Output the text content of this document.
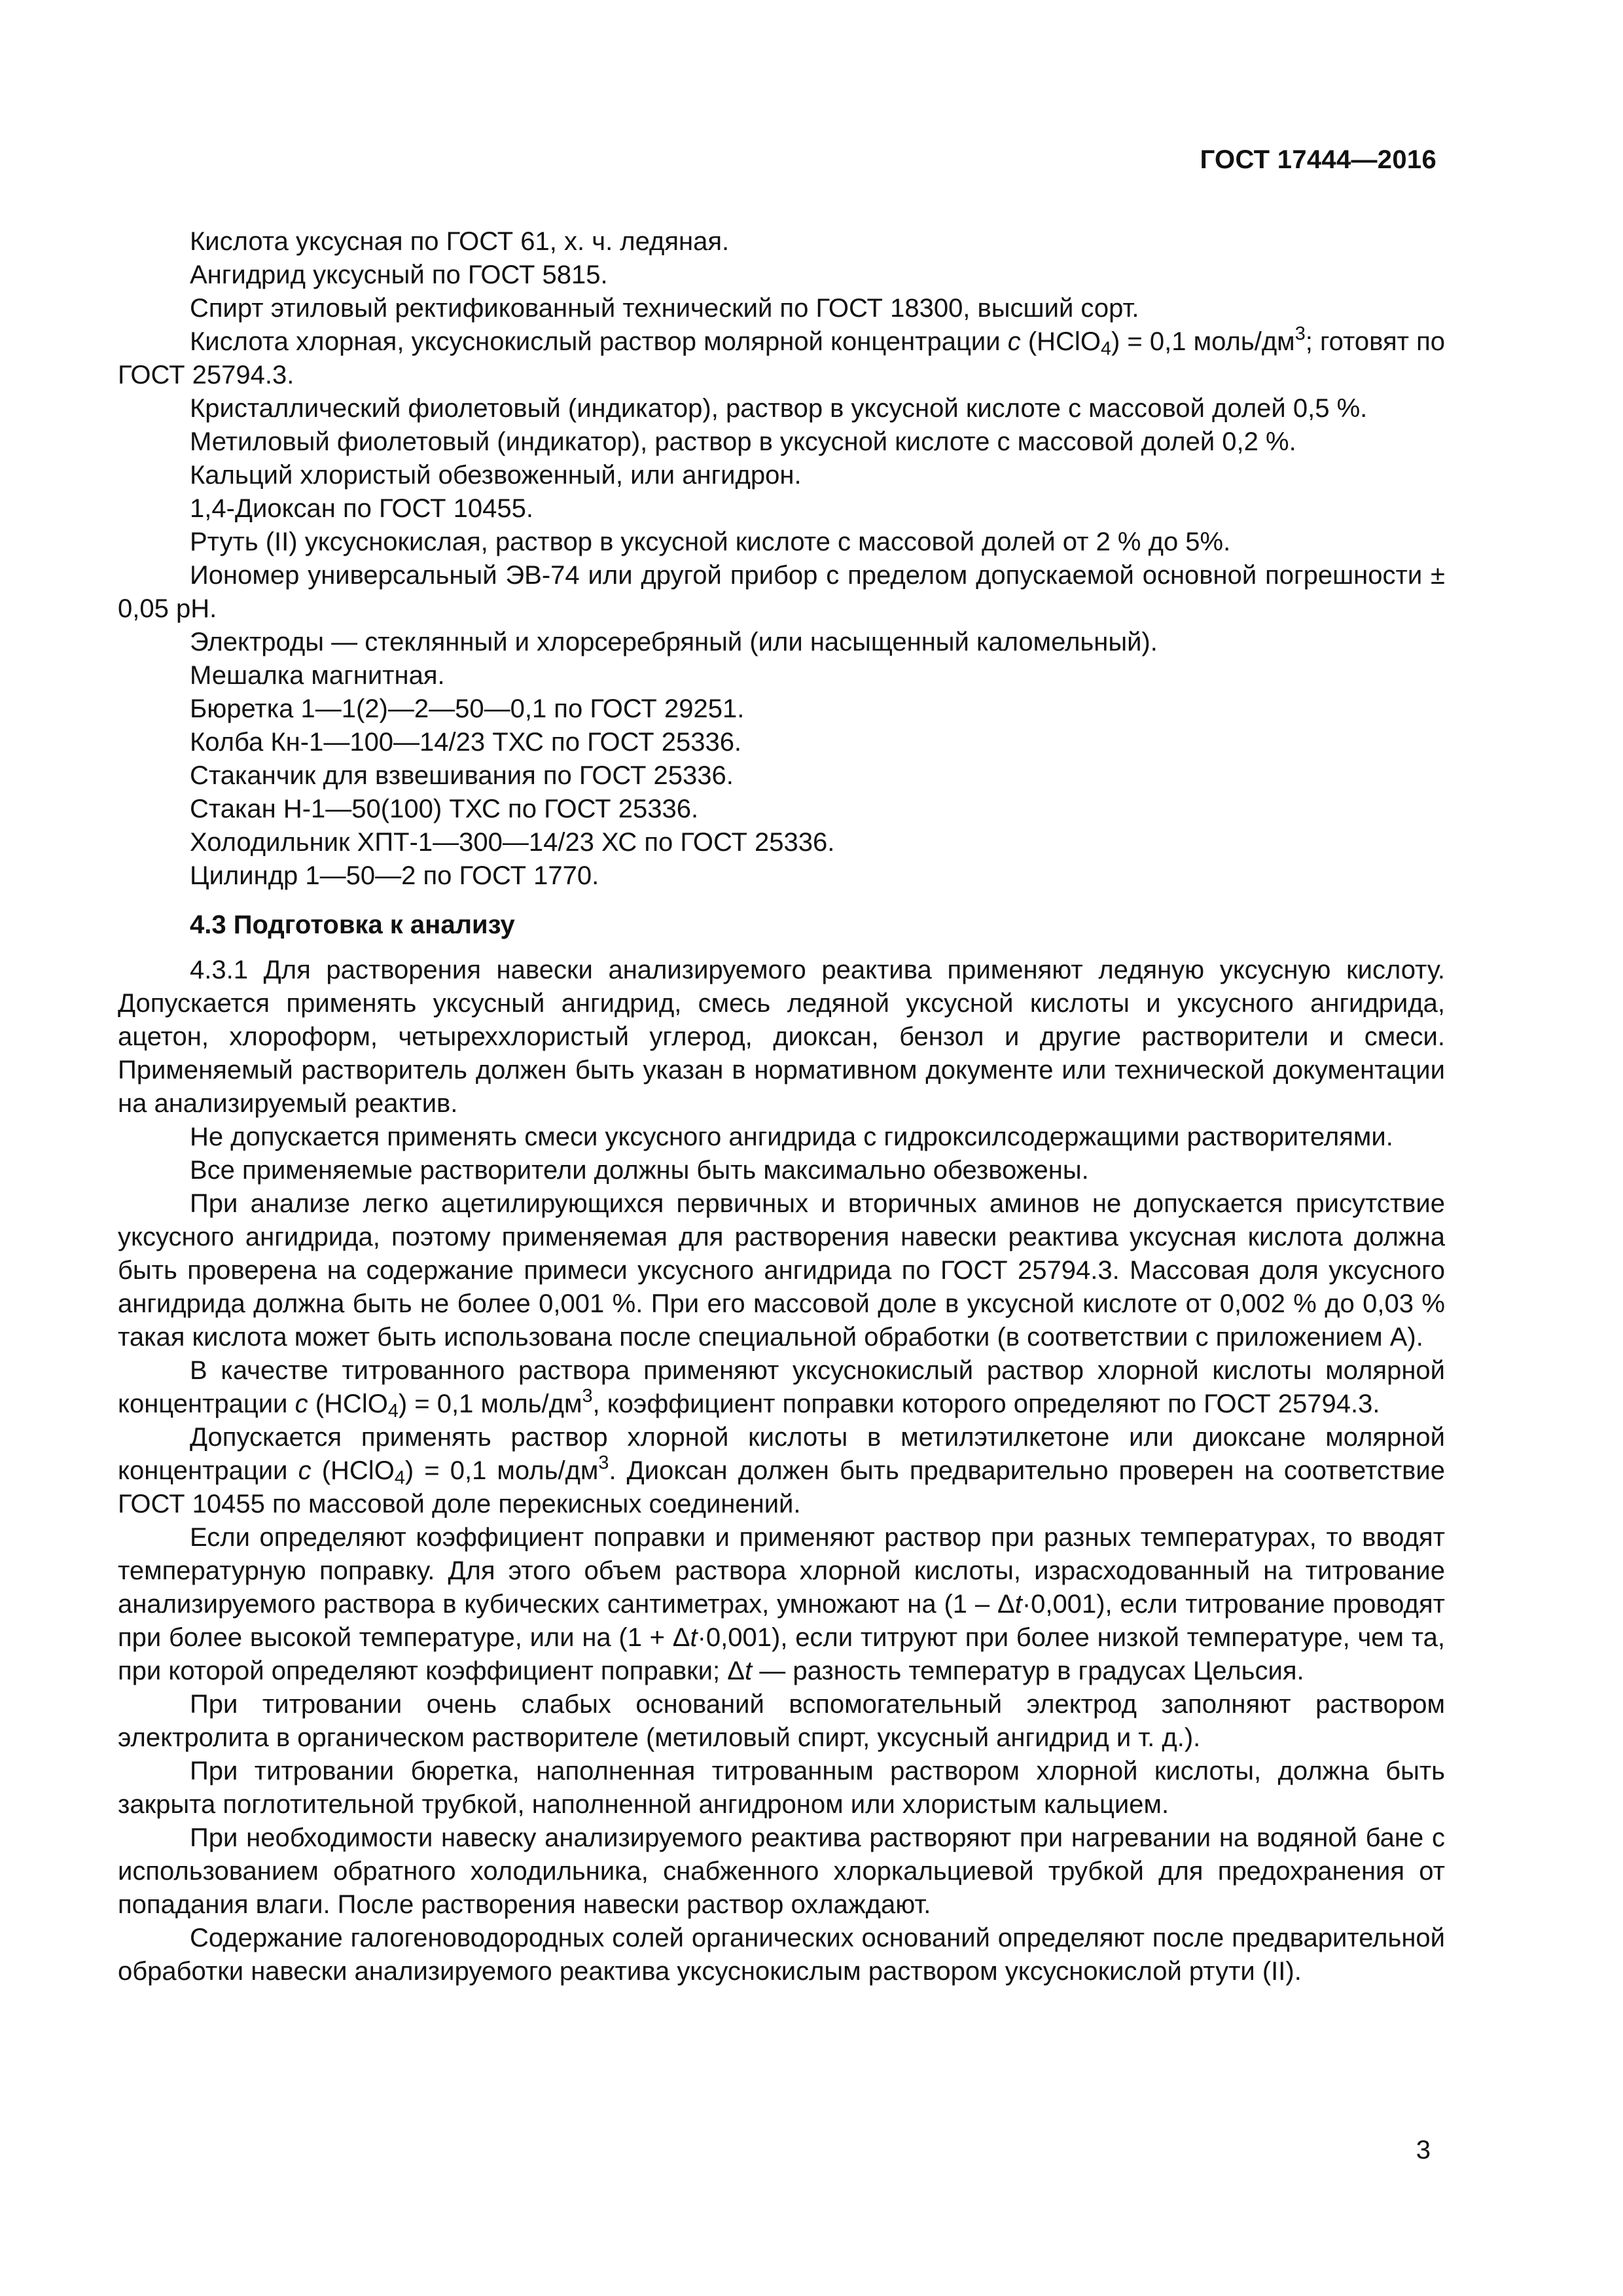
ГОСТ 17444—2016

Кислота уксусная по ГОСТ 61, х. ч. ледяная.

Ангидрид уксусный по ГОСТ 5815.

Спирт этиловый ректификованный технический по ГОСТ 18300, высший сорт.

Кислота хлорная, уксуснокислый раствор молярной концентрации c (HClO$_4$) = 0,1 моль/$дм^3$; готовят по ГОСТ 25794.3.

Кристаллический фиолетовый (индикатор), раствор в уксусной кислоте с массовой долей 0,5 %.

Метиловый фиолетовый (индикатор), раствор в уксусной кислоте с массовой долей 0,2 %.

Кальций хлористый обезвоженный, или ангидрон.

1,4-Диоксан по ГОСТ 10455.

Ртуть (II) уксуснокислая, раствор в уксусной кислоте с массовой долей от 2 % до 5%.

Иономер универсальный ЭВ-74 или другой прибор с пределом допускаемой основной погрешности ± 0,05 pH.

Электроды — стеклянный и хлорсеребряный (или насыщенный каломельный).

Мешалка магнитная.

Бюретка 1—1(2)—2—50—0,1 по ГОСТ 29251.

Колба Кн-1—100—14/23 ТХС по ГОСТ 25336.

Стаканчик для взвешивания по ГОСТ 25336.

Стакан Н-1—50(100) ТХС по ГОСТ 25336.

Холодильник ХПТ-1—300—14/23 ХС по ГОСТ 25336.

Цилиндр 1—50—2 по ГОСТ 1770.

4.3 Подготовка к анализу

4.3.1 Для растворения навески анализируемого реактива применяют ледяную уксусную кислоту. Допускается применять уксусный ангидрид, смесь ледяной уксусной кислоты и уксусного ангидрида, ацетон, хлороформ, четыреххлористый углерод, диоксан, бензол и другие растворители и смеси. Применяемый растворитель должен быть указан в нормативном документе или технической документации на анализируемый реактив.

Не допускается применять смеси уксусного ангидрида с гидроксилсодержащими растворителями.

Все применяемые растворители должны быть максимально обезвожены.

При анализе легко ацетилирующихся первичных и вторичных аминов не допускается присутствие уксусного ангидрида, поэтому применяемая для растворения навески реактива уксусная кислота должна быть проверена на содержание примеси уксусного ангидрида по ГОСТ 25794.3. Массовая доля уксусного ангидрида должна быть не более 0,001 %. При его массовой доле в уксусной кислоте от 0,002 % до 0,03 % такая кислота может быть использована после специальной обработки (в соответствии с приложением А).

В качестве титрованного раствора применяют уксуснокислый раствор хлорной кислоты молярной концентрации c (HClO$_4$) = 0,1 моль/$дм^3$, коэффициент поправки которого определяют по ГОСТ 25794.3.

Допускается применять раствор хлорной кислоты в метилэтилкетоне или диоксане молярной концентрации c (HClO$_4$) = 0,1 моль/$дм^3$. Диоксан должен быть предварительно проверен на соответствие ГОСТ 10455 по массовой доле перекисных соединений.

Если определяют коэффициент поправки и применяют раствор при разных температурах, то вводят температурную поправку. Для этого объем раствора хлорной кислоты, израсходованный на титрование анализируемого раствора в кубических сантиметрах, умножают на (1 – Δt·0,001), если титрование проводят при более высокой температуре, или на (1 + Δt·0,001), если титруют при более низкой температуре, чем та, при которой определяют коэффициент поправки; Δt — разность температур в градусах Цельсия.

При титровании очень слабых оснований вспомогательный электрод заполняют раствором электролита в органическом растворителе (метиловый спирт, уксусный ангидрид и т. д.).

При титровании бюретка, наполненная титрованным раствором хлорной кислоты, должна быть закрыта поглотительной трубкой, наполненной ангидроном или хлористым кальцием.

При необходимости навеску анализируемого реактива растворяют при нагревании на водяной бане с использованием обратного холодильника, снабженного хлоркальциевой трубкой для предохранения от попадания влаги. После растворения навески раствор охлаждают.

Содержание галогеноводородных солей органических оснований определяют после предварительной обработки навески анализируемого реактива уксуснокислым раствором уксуснокислой ртути (II).

3
